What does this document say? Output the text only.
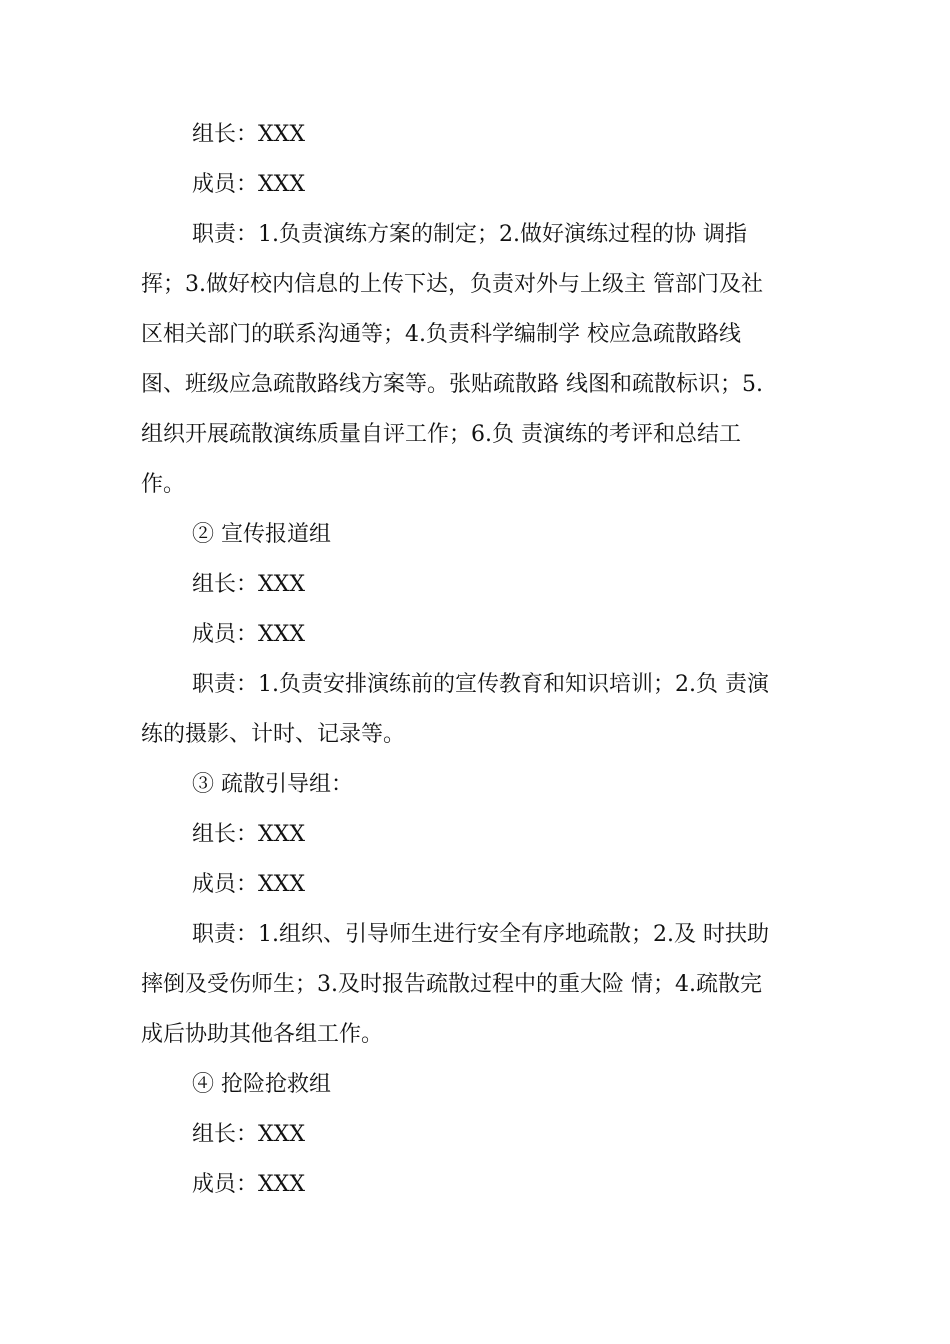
组长：XXX
成员：XXX
职责：1.负责演练方案的制定；2.做好演练过程的协 调指
挥；3.做好校内信息的上传下达，负责对外与上级主 管部门及社
区相关部门的联系沟通等；4.负责科学编制学 校应急疏散路线
图、班级应急疏散路线方案等。张贴疏散路 线图和疏散标识；5.
组织开展疏散演练质量自评工作；6.负 责演练的考评和总结工
作。
② 宣传报道组
组长：XXX
成员：XXX
职责：1.负责安排演练前的宣传教育和知识培训；2.负 责演
练的摄影、计时、记录等。
③ 疏散引导组：
组长：XXX
成员：XXX
职责：1.组织、引导师生进行安全有序地疏散；2.及 时扶助
摔倒及受伤师生；3.及时报告疏散过程中的重大险 情；4.疏散完
成后协助其他各组工作。
④ 抢险抢救组
组长：XXX
成员：XXX
